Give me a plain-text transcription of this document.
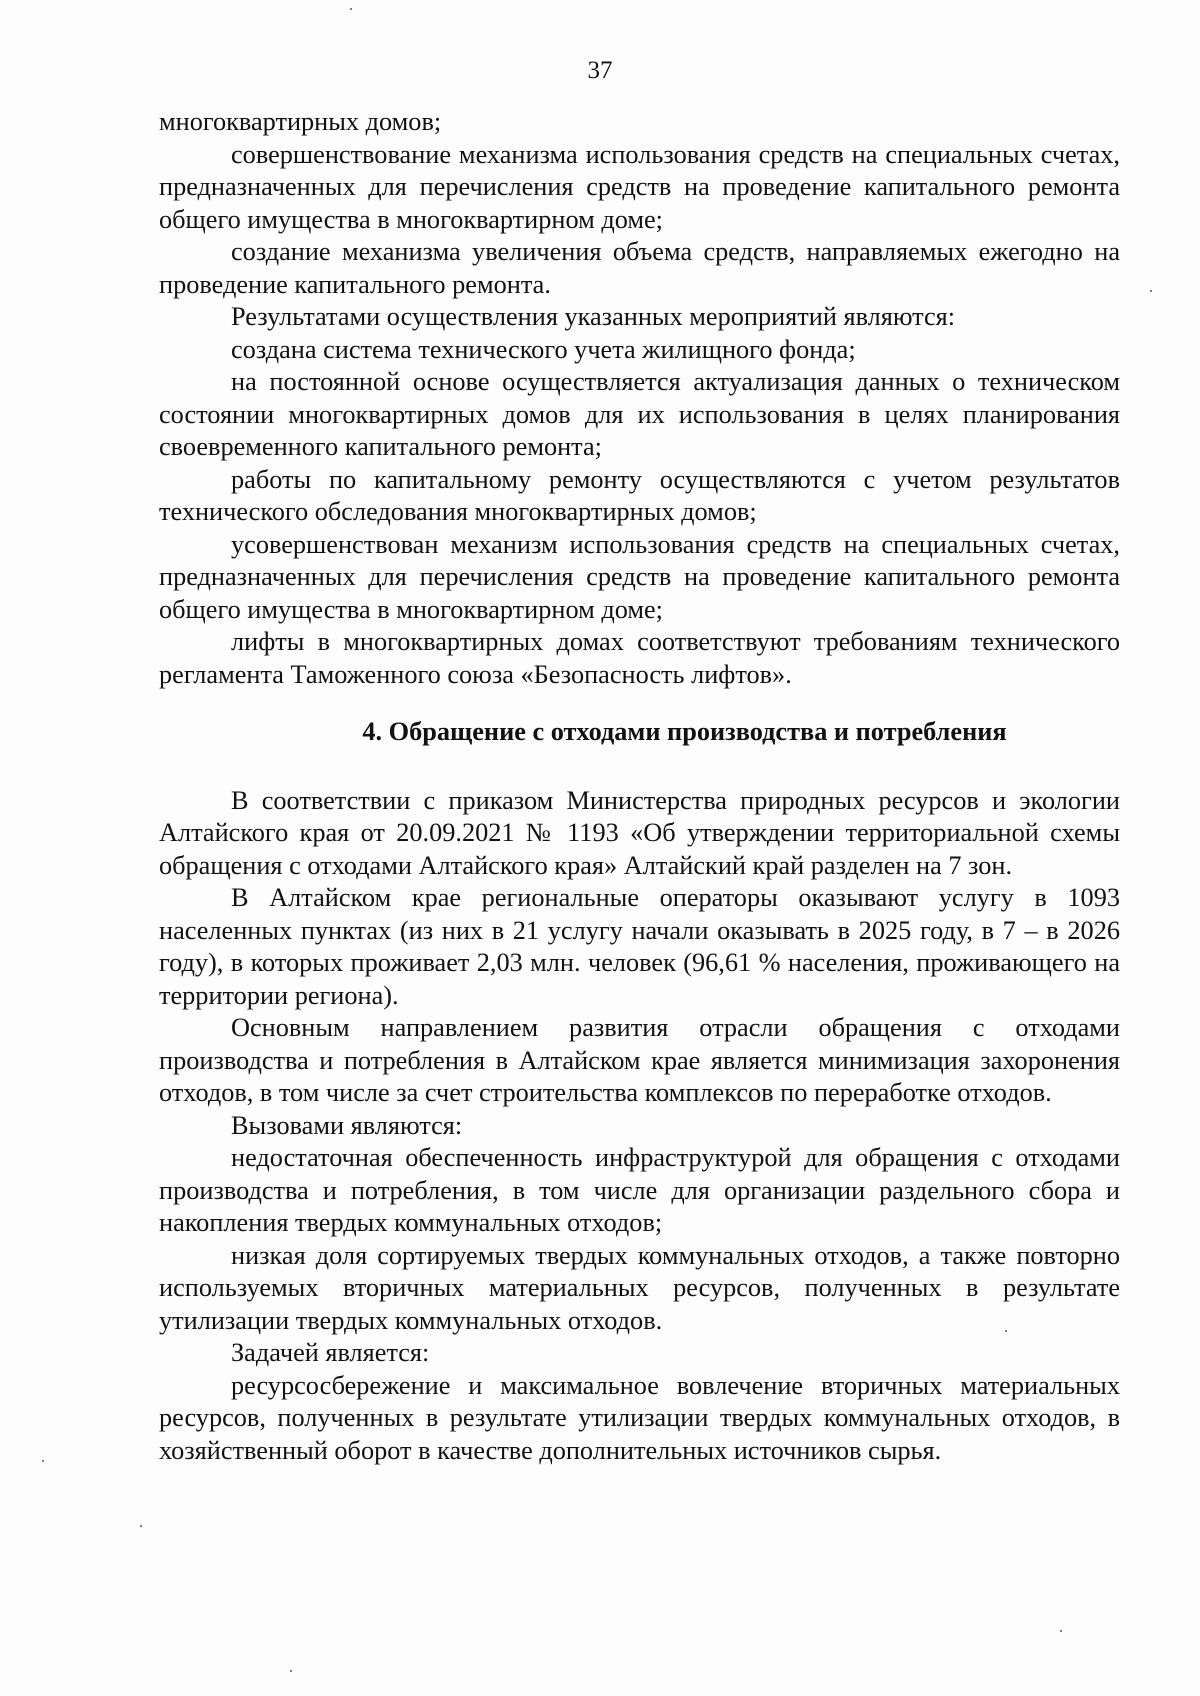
37

многоквартирных домов;

совершенствование механизма использования средств на специальных счетах, предназначенных для перечисления средств на проведение капитального ремонта общего имущества в многоквартирном доме;

создание механизма увеличения объема средств, направляемых ежегодно на проведение капитального ремонта.

Результатами осуществления указанных мероприятий являются:

создана система технического учета жилищного фонда;

на постоянной основе осуществляется актуализация данных о техническом состоянии многоквартирных домов для их использования в целях планирования своевременного капитального ремонта;

работы по капитальному ремонту осуществляются с учетом результатов технического обследования многоквартирных домов;

усовершенствован механизм использования средств на специальных счетах, предназначенных для перечисления средств на проведение капитального ремонта общего имущества в многоквартирном доме;

лифты в многоквартирных домах соответствуют требованиям технического регламента Таможенного союза «Безопасность лифтов».

4. Обращение с отходами производства и потребления

В соответствии с приказом Министерства природных ресурсов и экологии Алтайского края от 20.09.2021 № 1193 «Об утверждении территориальной схемы обращения с отходами Алтайского края» Алтайский край разделен на 7 зон.

В Алтайском крае региональные операторы оказывают услугу в 1093 населенных пунктах (из них в 21 услугу начали оказывать в 2025 году, в 7 – в 2026 году), в которых проживает 2,03 млн. человек (96,61 % населения, проживающего на территории региона).

Основным направлением развития отрасли обращения с отходами производства и потребления в Алтайском крае является минимизация захоронения отходов, в том числе за счет строительства комплексов по переработке отходов.

Вызовами являются:

недостаточная обеспеченность инфраструктурой для обращения с отходами производства и потребления, в том числе для организации раздельного сбора и накопления твердых коммунальных отходов;

низкая доля сортируемых твердых коммунальных отходов, а также повторно используемых вторичных материальных ресурсов, полученных в результате утилизации твердых коммунальных отходов.

Задачей является:

ресурсосбережение и максимальное вовлечение вторичных материальных ресурсов, полученных в результате утилизации твердых коммунальных отходов, в хозяйственный оборот в качестве дополнительных источников сырья.
